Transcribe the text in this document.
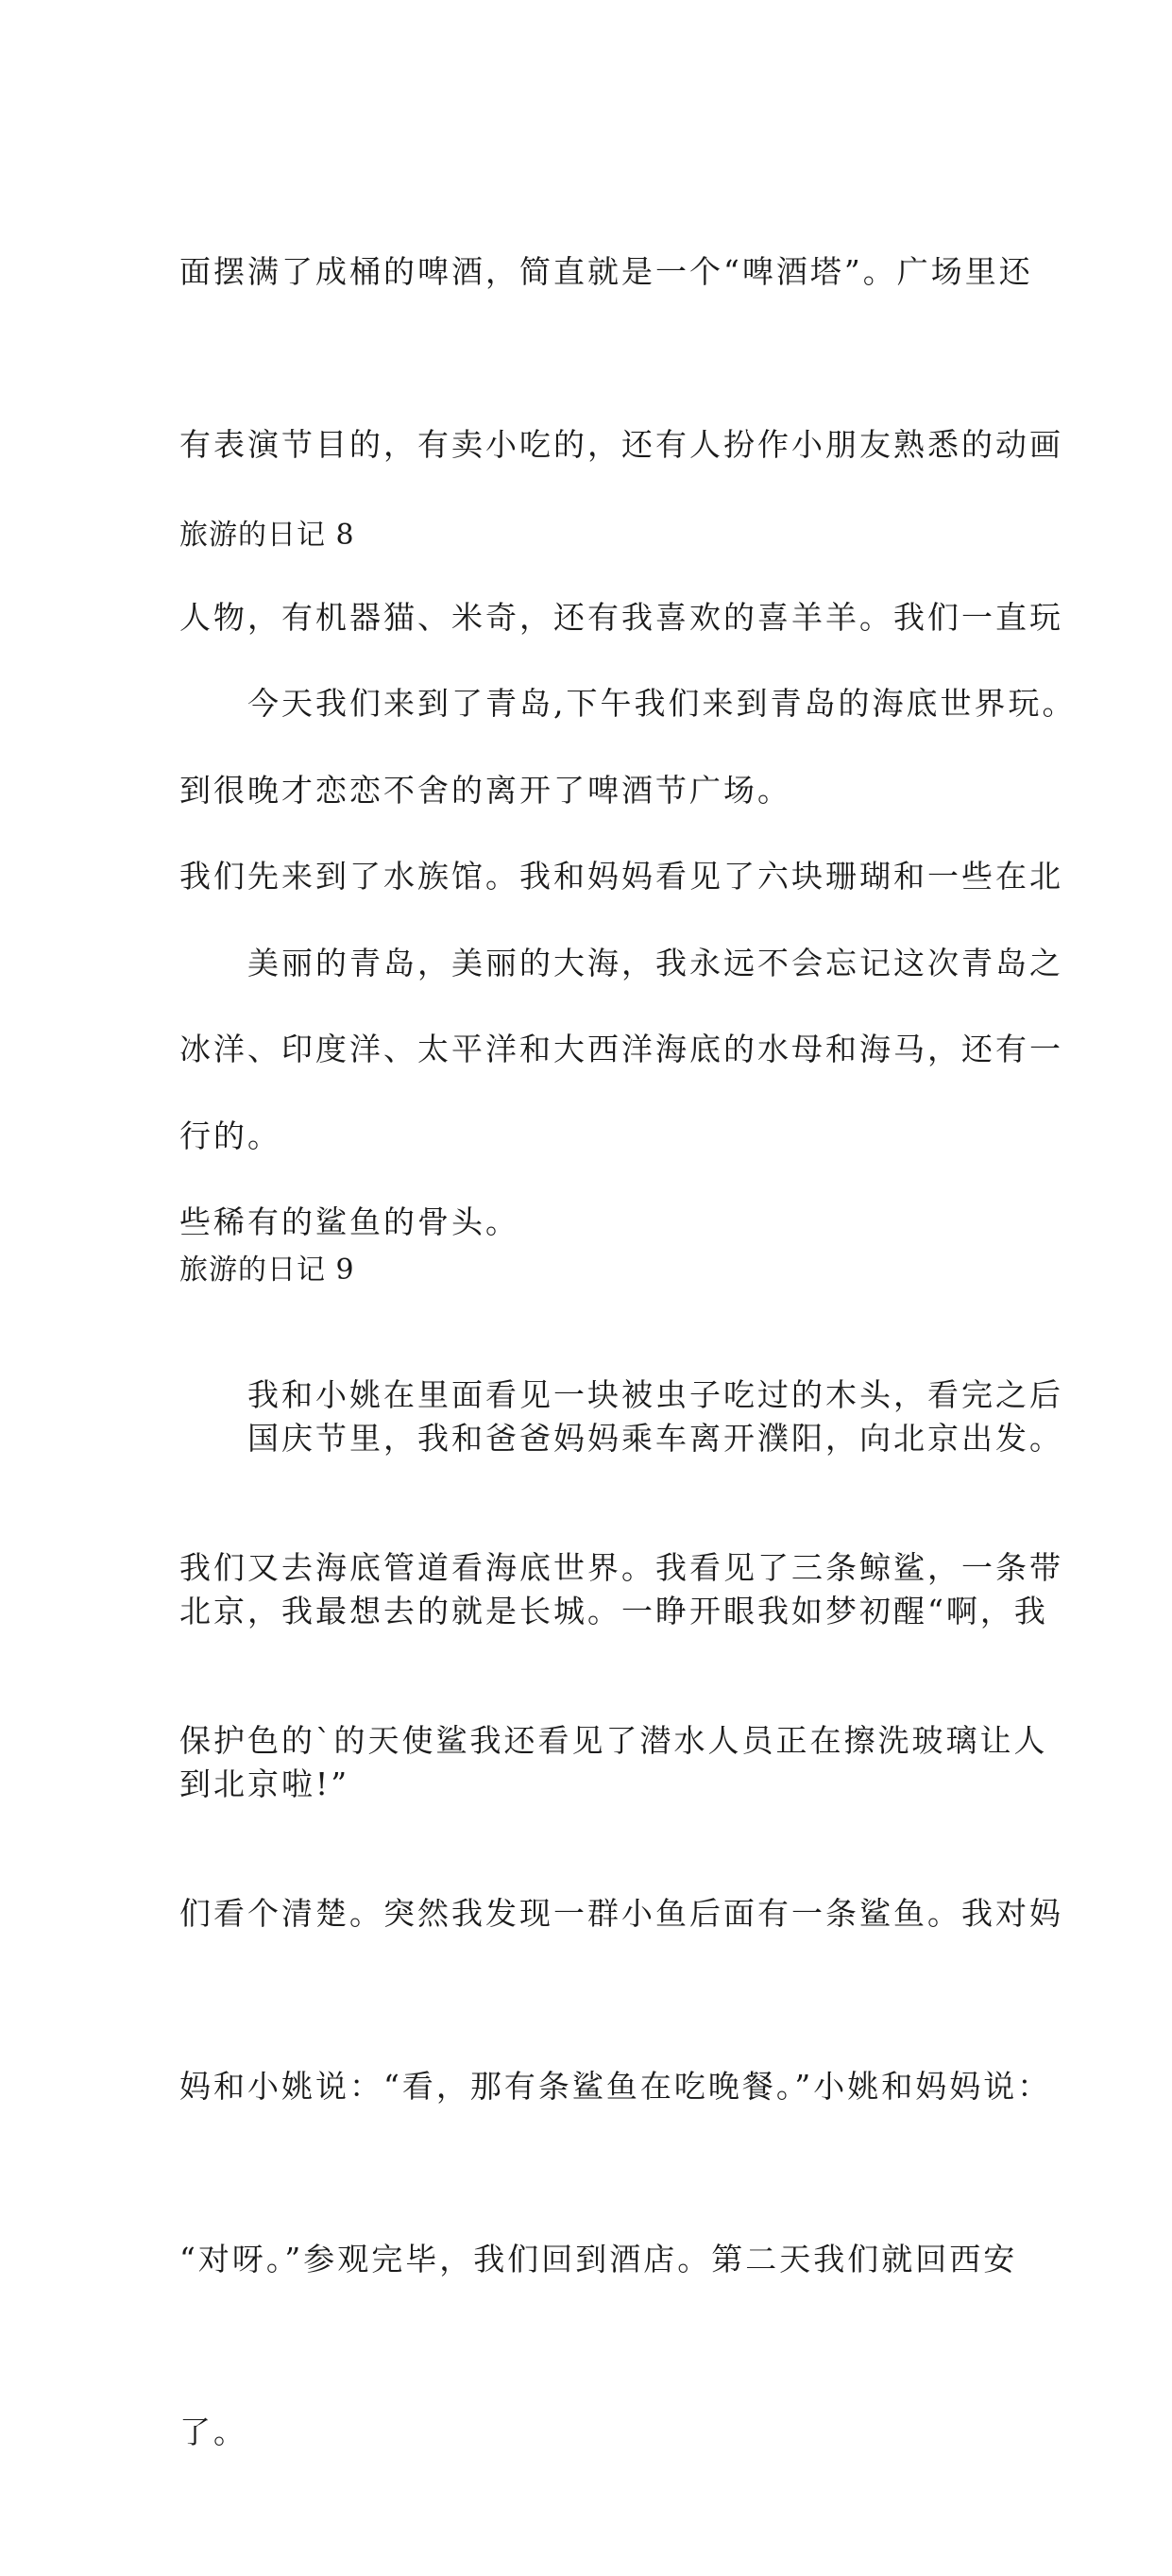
面摆满了成桶的啤酒，简直就是一个“啤酒塔”。广场里还

有表演节目的，有卖小吃的，还有人扮作小朋友熟悉的动画

人物，有机器猫、米奇，还有我喜欢的喜羊羊。我们一直玩

到很晚才恋恋不舍的离开了啤酒节广场。

　　美丽的青岛，美丽的大海，我永远不会忘记这次青岛之

行的。

旅游的日记 8

　　今天我们来到了青岛,下午我们来到青岛的海底世界玩。

我们先来到了水族馆。我和妈妈看见了六块珊瑚和一些在北

冰洋、印度洋、太平洋和大西洋海底的水母和海马，还有一

些稀有的鲨鱼的骨头。

　　我和小姚在里面看见一块被虫子吃过的木头，看完之后

我们又去海底管道看海底世界。我看见了三条鲸鲨，一条带

保护色的`的天使鲨我还看见了潜水人员正在擦洗玻璃让人

们看个清楚。突然我发现一群小鱼后面有一条鲨鱼。我对妈

妈和小姚说：“看，那有条鲨鱼在吃晚餐。”小姚和妈妈说：

“对呀。”参观完毕，我们回到酒店。第二天我们就回西安

了。

旅游的日记 9

　　国庆节里，我和爸爸妈妈乘车离开濮阳，向北京出发。

北京，我最想去的就是长城。一睁开眼我如梦初醒“啊，我

到北京啦!”
